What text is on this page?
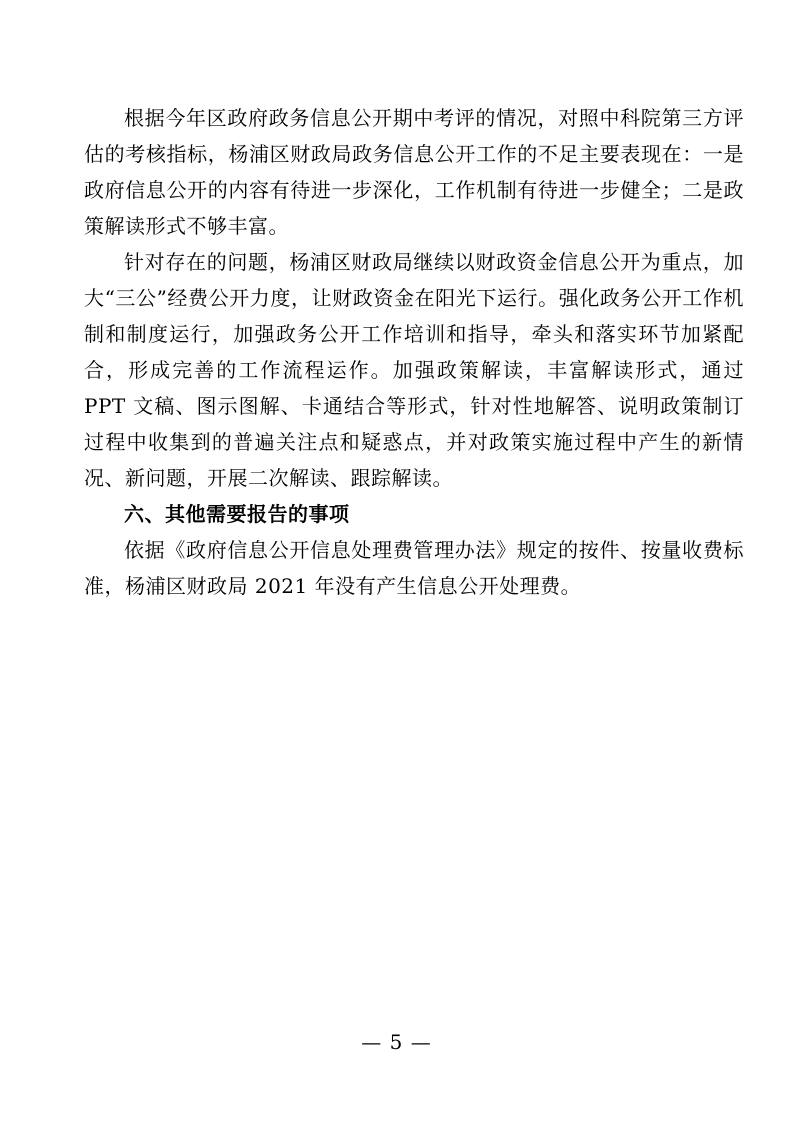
根据今年区政府政务信息公开期中考评的情况，对照中科院第三方评估的考核指标，杨浦区财政局政务信息公开工作的不足主要表现在：一是政府信息公开的内容有待进一步深化，工作机制有待进一步健全；二是政策解读形式不够丰富。

针对存在的问题，杨浦区财政局继续以财政资金信息公开为重点，加大“三公”经费公开力度，让财政资金在阳光下运行。强化政务公开工作机制和制度运行，加强政务公开工作培训和指导，牵头和落实环节加紧配合，形成完善的工作流程运作。加强政策解读，丰富解读形式，通过 PPT 文稿、图示图解、卡通结合等形式，针对性地解答、说明政策制订过程中收集到的普遍关注点和疑惑点，并对政策实施过程中产生的新情况、新问题，开展二次解读、跟踪解读。

六、其他需要报告的事项

依据《政府信息公开信息处理费管理办法》规定的按件、按量收费标准，杨浦区财政局 2021 年没有产生信息公开处理费。

— 5 —
